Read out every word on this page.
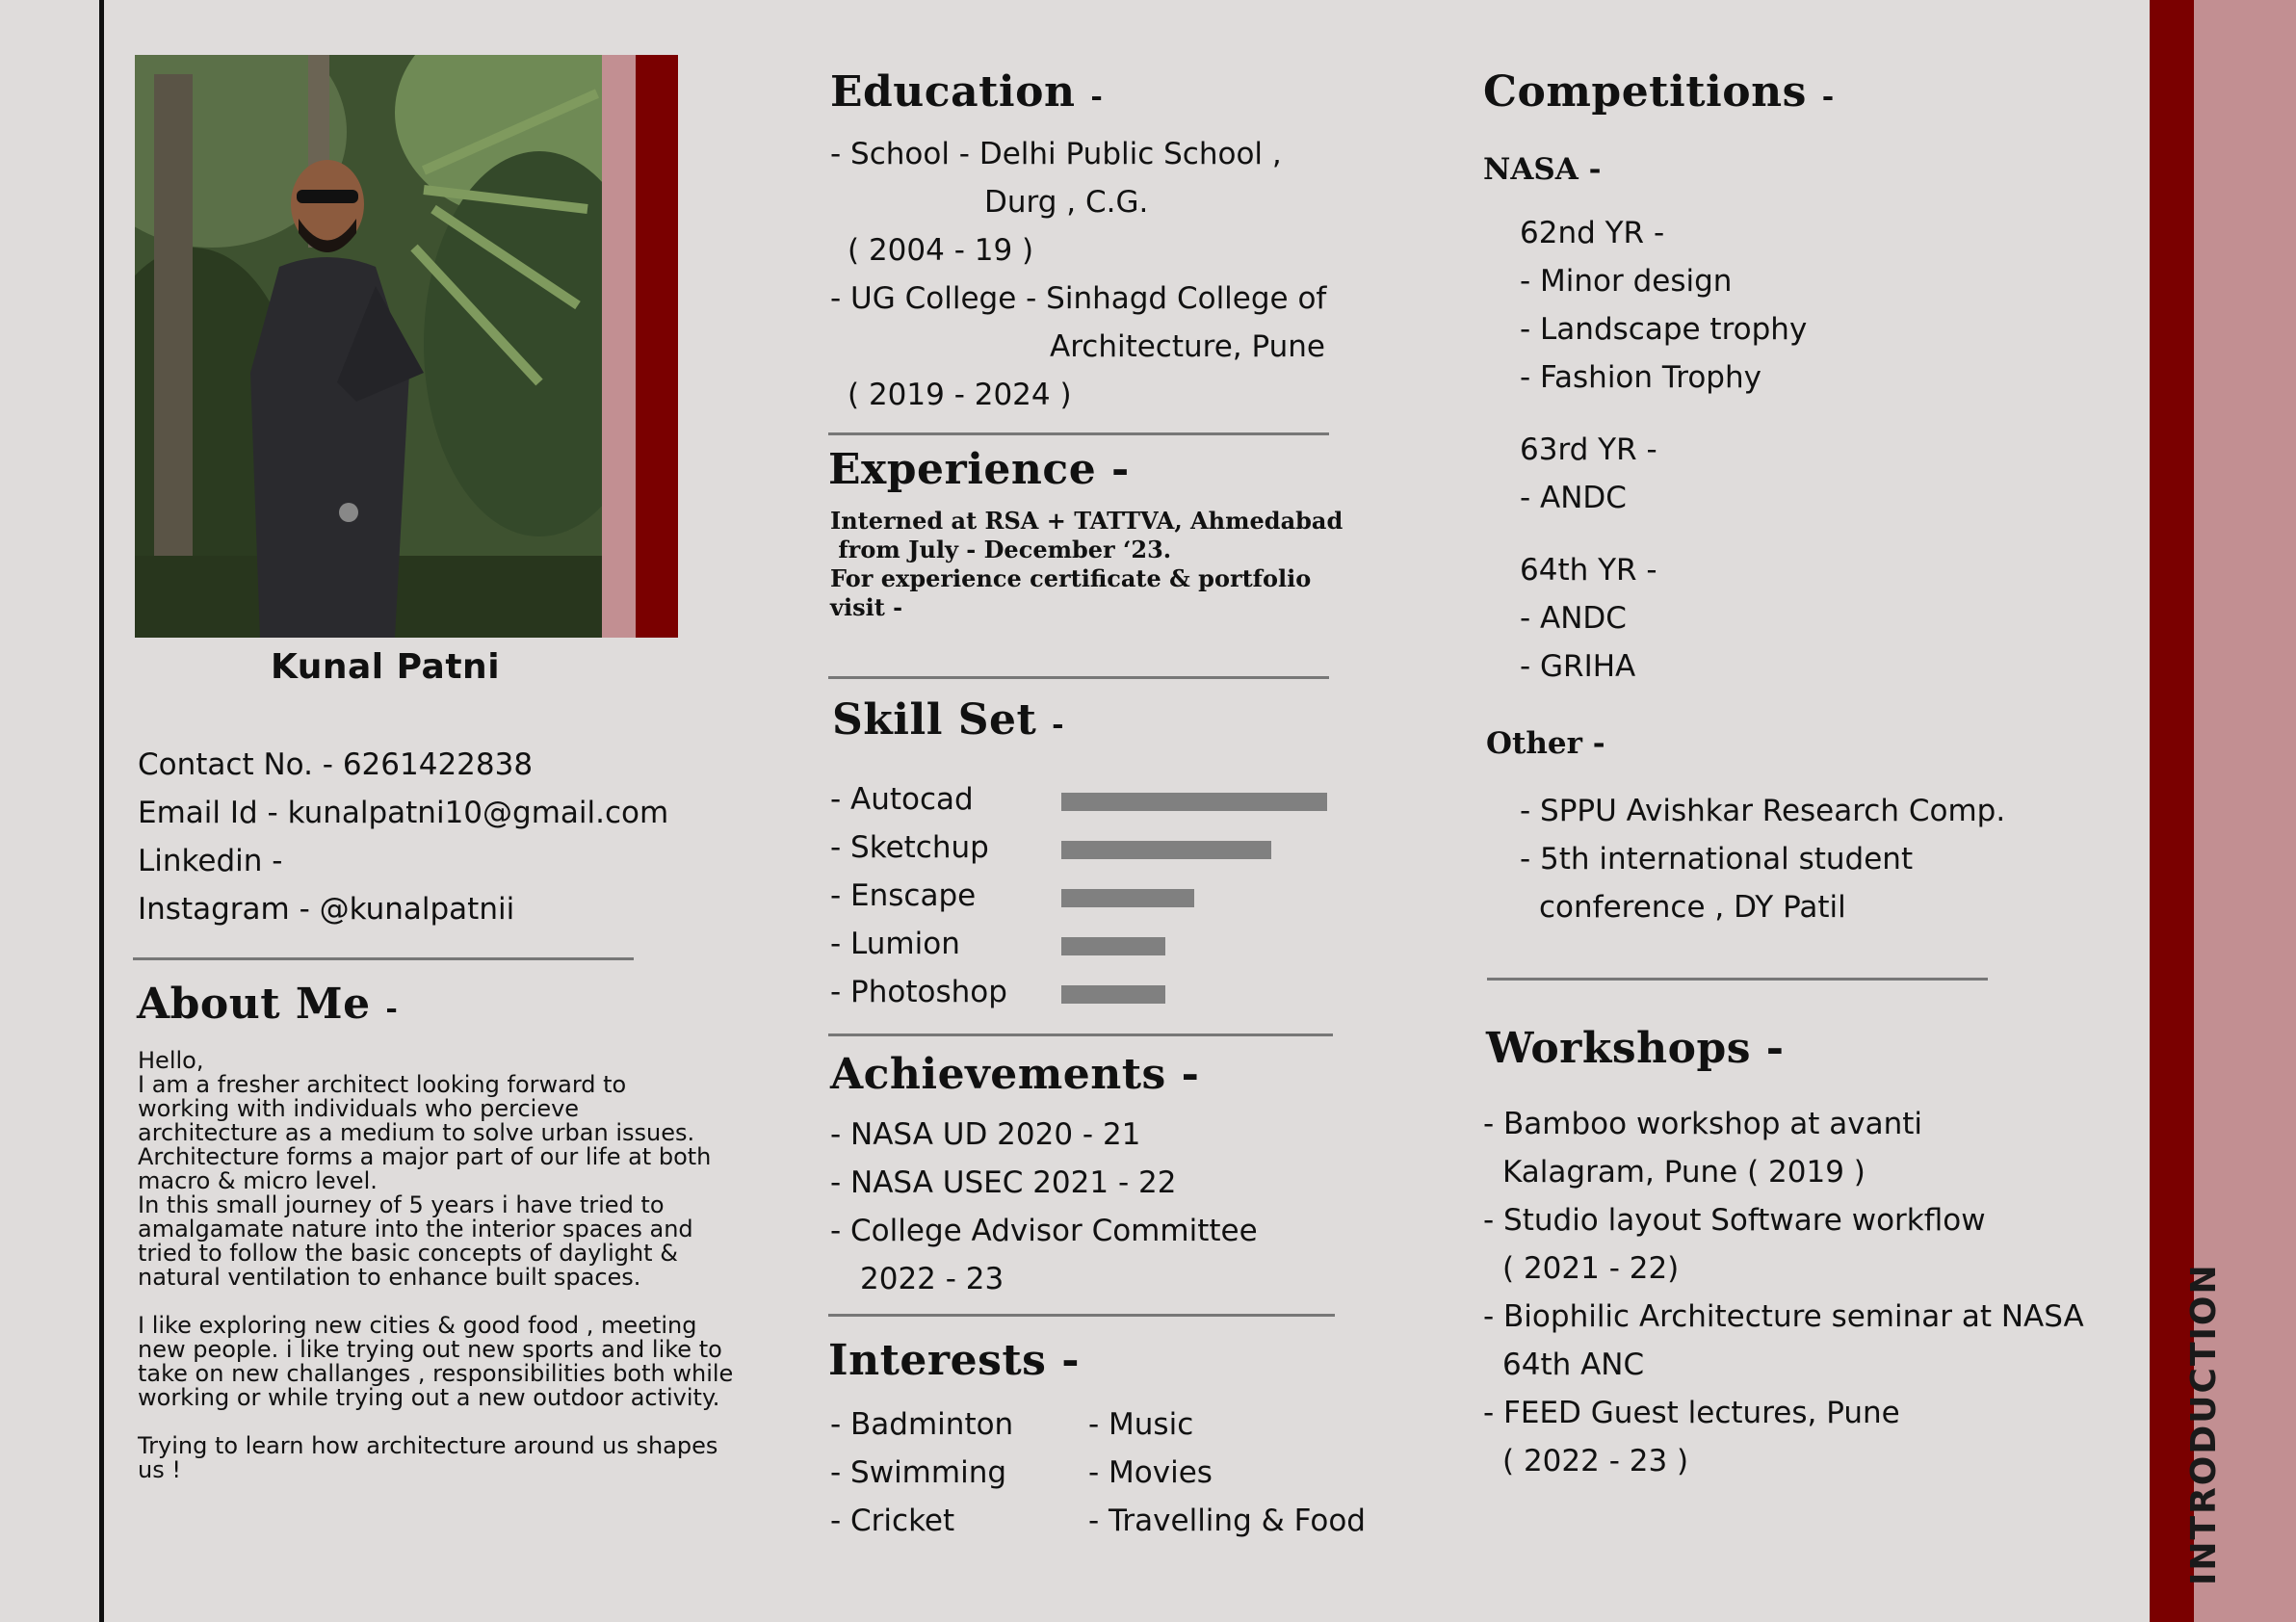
INTRODUCTION
Kunal Patni
Contact No. - 6261422838
Email Id - kunalpatni10@gmail.com
Linkedin -
Instagram - @kunalpatnii
About Me -

Hello,
I am a fresher architect looking forward to
working with individuals who percieve
architecture as a medium to solve urban issues.
Architecture forms a major part of our life at both
macro & micro level.
In this small journey of 5 years i have tried to
amalgamate nature into the interior spaces and
tried to follow the basic concepts of daylight &
natural ventilation to enhance built spaces.

I like exploring new cities & good food , meeting
new people. i like trying out new sports and like to
take on new challanges , responsibilities both while
working or while trying out a new outdoor activity.

Trying to learn how architecture around us shapes
us !

Education -
- School - Delhi Public School ,
Durg , C.G.
( 2004 - 19 )
- UG College - Sinhagd College of
Architecture, Pune
( 2019 - 2024 )
Experience -
Interned at RSA + TATTVA, Ahmedabad
from July - December ‘23.
For experience certificate & portfolio
visit -
Skill Set -
- Autocad
- Sketchup
- Enscape
- Lumion
- Photoshop
Achievements -
- NASA UD 2020 - 21
- NASA USEC 2021 - 22
- College Advisor Committee
2022 - 23
Interests -
- Badminton
- Swimming
- Cricket
- Music
- Movies
- Travelling & Food
Competitions -
NASA -
62nd YR -
- Minor design
- Landscape trophy
- Fashion Trophy
63rd YR -
- ANDC
64th YR -
- ANDC
- GRIHA
Other -
- SPPU Avishkar Research Comp.
- 5th international student
conference , DY Patil
Workshops -
- Bamboo workshop at avanti
Kalagram, Pune ( 2019 )
- Studio layout Software workflow
( 2021 - 22)
- Biophilic Architecture seminar at NASA
64th ANC
- FEED Guest lectures, Pune
( 2022 - 23 )
